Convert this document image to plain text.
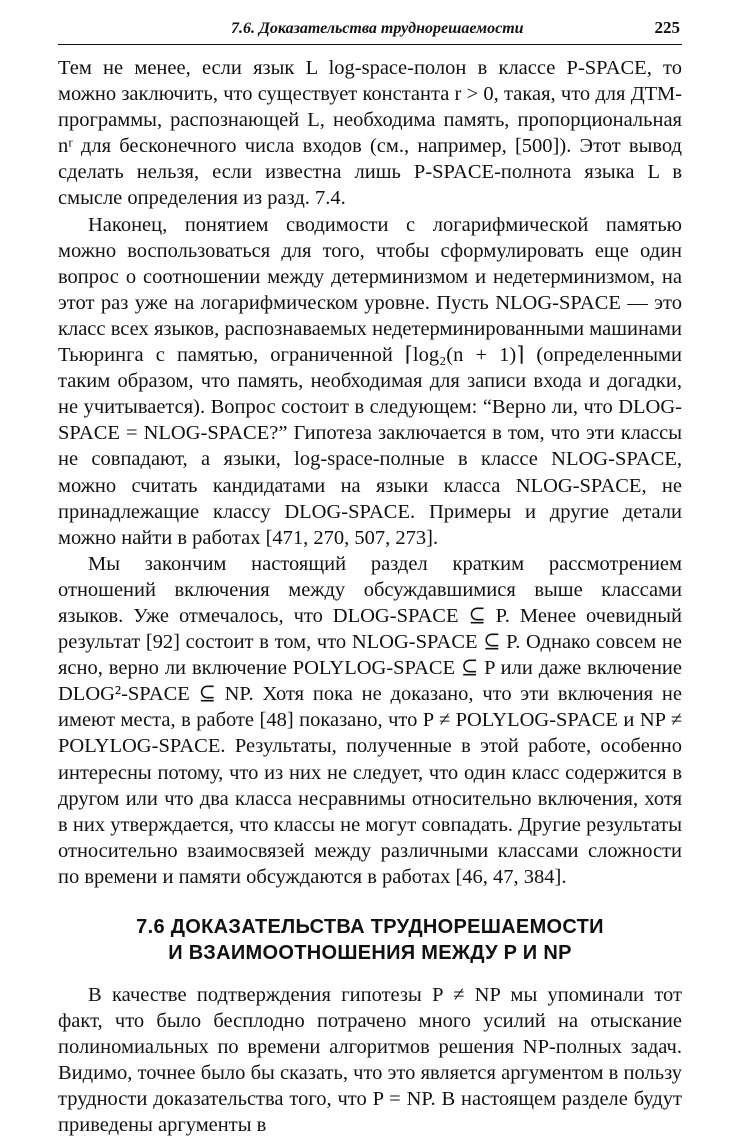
7.6. Доказательства труднорешаемости	225

Тем не менее, если язык L log-space-полон в классе P-SPACE, то можно заключить, что существует константа r > 0, такая, что для ДТМ-программы, распознающей L, необходима память, пропорциональная nʳ для бесконечного числа входов (см., например, [500]). Этот вывод сделать нельзя, если известна лишь P-SPACE-полнота языка L в смысле определения из разд. 7.4.

Наконец, понятием сводимости с логарифмической памятью можно воспользоваться для того, чтобы сформулировать еще один вопрос о соотношении между детерминизмом и недетерминизмом, на этот раз уже на логарифмическом уровне. Пусть NLOG-SPACE — это класс всех языков, распознаваемых недетерминированными машинами Тьюринга с памятью, ограниченной ⌈log₂(n + 1)⌉ (определенными таким образом, что память, необходимая для записи входа и догадки, не учитывается). Вопрос состоит в следующем: “Верно ли, что DLOG-SPACE = NLOG-SPACE?” Гипотеза заключается в том, что эти классы не совпадают, а языки, log-space-полные в классе NLOG-SPACE, можно считать кандидатами на языки класса NLOG-SPACE, не принадлежащие классу DLOG-SPACE. Примеры и другие детали можно найти в работах [471, 270, 507, 273].

Мы закончим настоящий раздел кратким рассмотрением отношений включения между обсуждавшимися выше классами языков. Уже отмечалось, что DLOG-SPACE ⊆ P. Менее очевидный результат [92] состоит в том, что NLOG-SPACE ⊆ P. Однако совсем не ясно, верно ли включение POLYLOG-SPACE ⊆ P или даже включение DLOG²-SPACE ⊆ NP. Хотя пока не доказано, что эти включения не имеют места, в работе [48] показано, что P ≠ POLYLOG-SPACE и NP ≠ POLYLOG-SPACE. Результаты, полученные в этой работе, особенно интересны потому, что из них не следует, что один класс содержится в другом или что два класса несравнимы относительно включения, хотя в них утверждается, что классы не могут совпадать. Другие результаты относительно взаимосвязей между различными классами сложности по времени и памяти обсуждаются в работах [46, 47, 384].

7.6 ДОКАЗАТЕЛЬСТВА ТРУДНОРЕШАЕМОСТИ
И ВЗАИМООТНОШЕНИЯ МЕЖДУ P И NP

В качестве подтверждения гипотезы P ≠ NP мы упоминали тот факт, что было бесплодно потрачено много усилий на отыскание полиномиальных по времени алгоритмов решения NP-полных задач. Видимо, точнее было бы сказать, что это является аргументом в пользу трудности доказательства того, что P = NP. В настоящем разделе будут приведены аргументы в
